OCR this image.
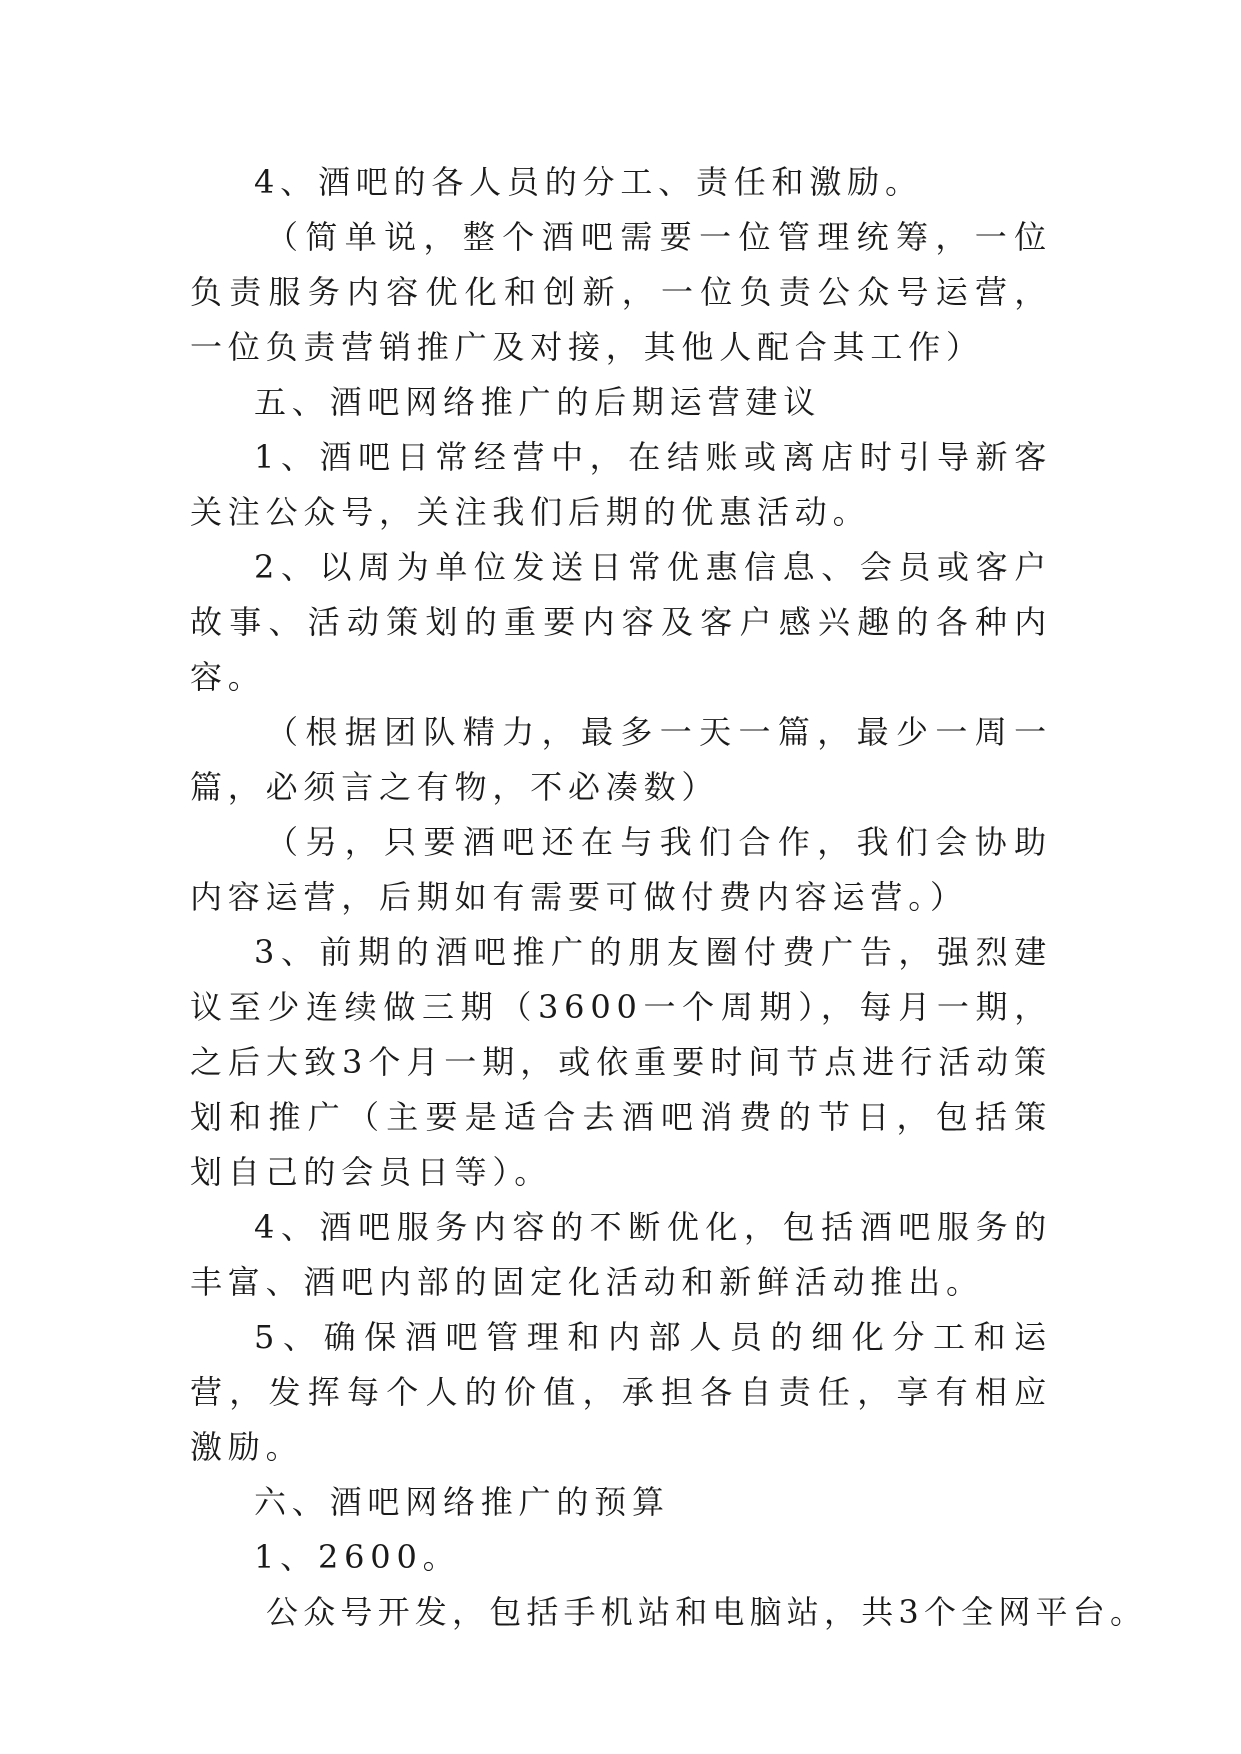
4、酒吧的各人员的分工、责任和激励。

（简单说，整个酒吧需要一位管理统筹，一位负责服务内容优化和创新，一位负责公众号运营，一位负责营销推广及对接，其他人配合其工作）

五、酒吧网络推广的后期运营建议

1、酒吧日常经营中，在结账或离店时引导新客关注公众号，关注我们后期的优惠活动。

2、以周为单位发送日常优惠信息、会员或客户故事、活动策划的重要内容及客户感兴趣的各种内容。

（根据团队精力，最多一天一篇，最少一周一篇，必须言之有物，不必凑数）

（另，只要酒吧还在与我们合作，我们会协助内容运营，后期如有需要可做付费内容运营。）

3、前期的酒吧推广的朋友圈付费广告，强烈建议至少连续做三期（3600一个周期），每月一期，之后大致3个月一期，或依重要时间节点进行活动策划和推广（主要是适合去酒吧消费的节日，包括策划自己的会员日等）。

4、酒吧服务内容的不断优化，包括酒吧服务的丰富、酒吧内部的固定化活动和新鲜活动推出。

5、确保酒吧管理和内部人员的细化分工和运营，发挥每个人的价值，承担各自责任，享有相应激励。

六、酒吧网络推广的预算

1、2600。

公众号开发，包括手机站和电脑站，共3个全网平台。
